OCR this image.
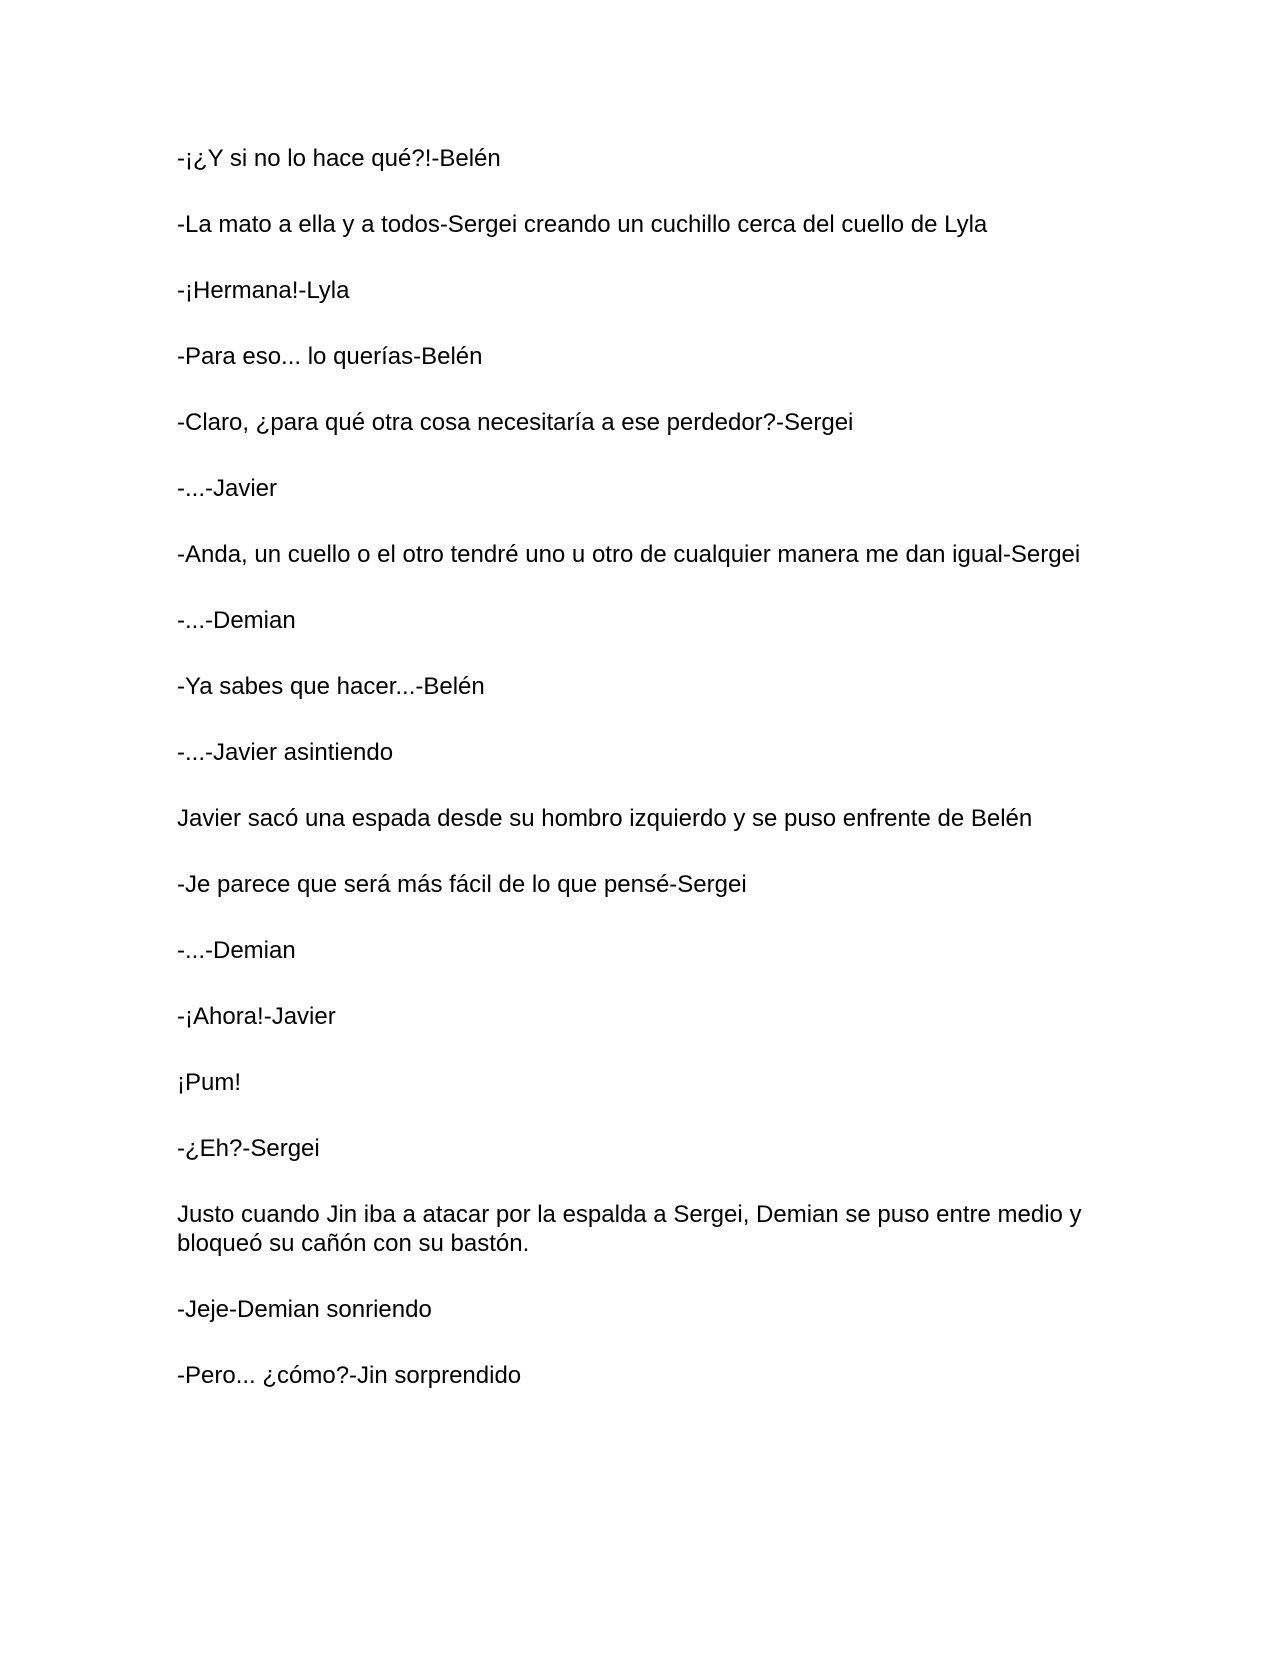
-¡¿Y si no lo hace qué?!-Belén

-La mato a ella y a todos-Sergei creando un cuchillo cerca del cuello de Lyla

-¡Hermana!-Lyla

-Para eso... lo querías-Belén

-Claro, ¿para qué otra cosa necesitaría a ese perdedor?-Sergei

-...-Javier

-Anda, un cuello o el otro tendré uno u otro de cualquier manera me dan igual-Sergei

-...-Demian

-Ya sabes que hacer...-Belén

-...-Javier asintiendo

Javier sacó una espada desde su hombro izquierdo y se puso enfrente de Belén

-Je parece que será más fácil de lo que pensé-Sergei

-...-Demian

-¡Ahora!-Javier

¡Pum!

-¿Eh?-Sergei

Justo cuando Jin iba a atacar por la espalda a Sergei, Demian se puso entre medio y bloqueó su cañón con su bastón.

-Jeje-Demian sonriendo

-Pero... ¿cómo?-Jin sorprendido
